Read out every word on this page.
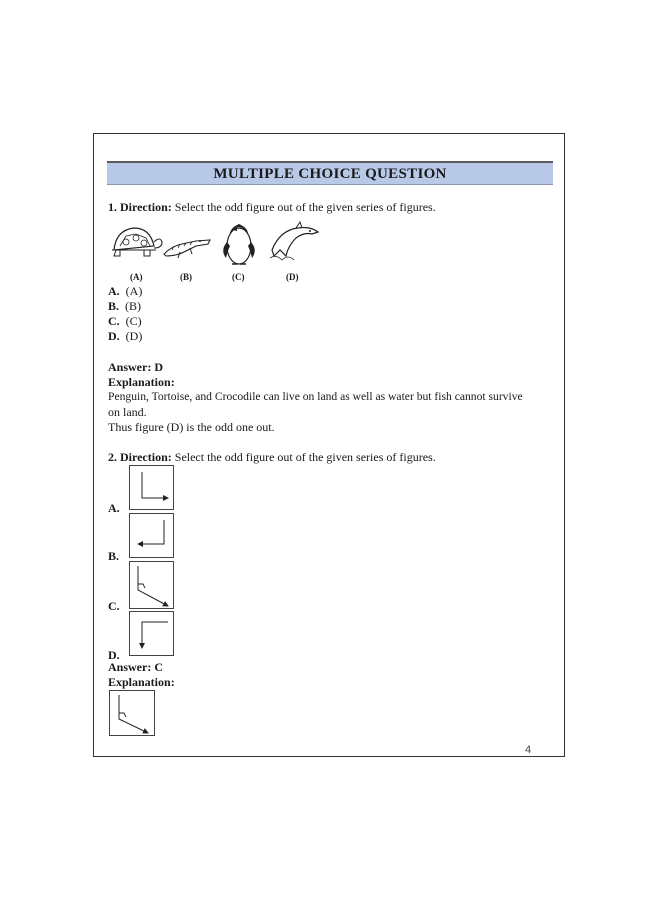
MULTIPLE CHOICE QUESTION
1. Direction: Select the odd figure out of the given series of figures.
(A)	(B)	(C)	(D)
A. (A)
B. (B)
C. (C)
D. (D)
Answer: D
Explanation:
Penguin, Tortoise, and Crocodile can live on land as well as water but fish cannot survive
on land.
Thus figure (D) is the odd one out.
2. Direction: Select the odd figure out of the given series of figures.
A.
B.
C.
D.
Answer: C
Explanation:
4
